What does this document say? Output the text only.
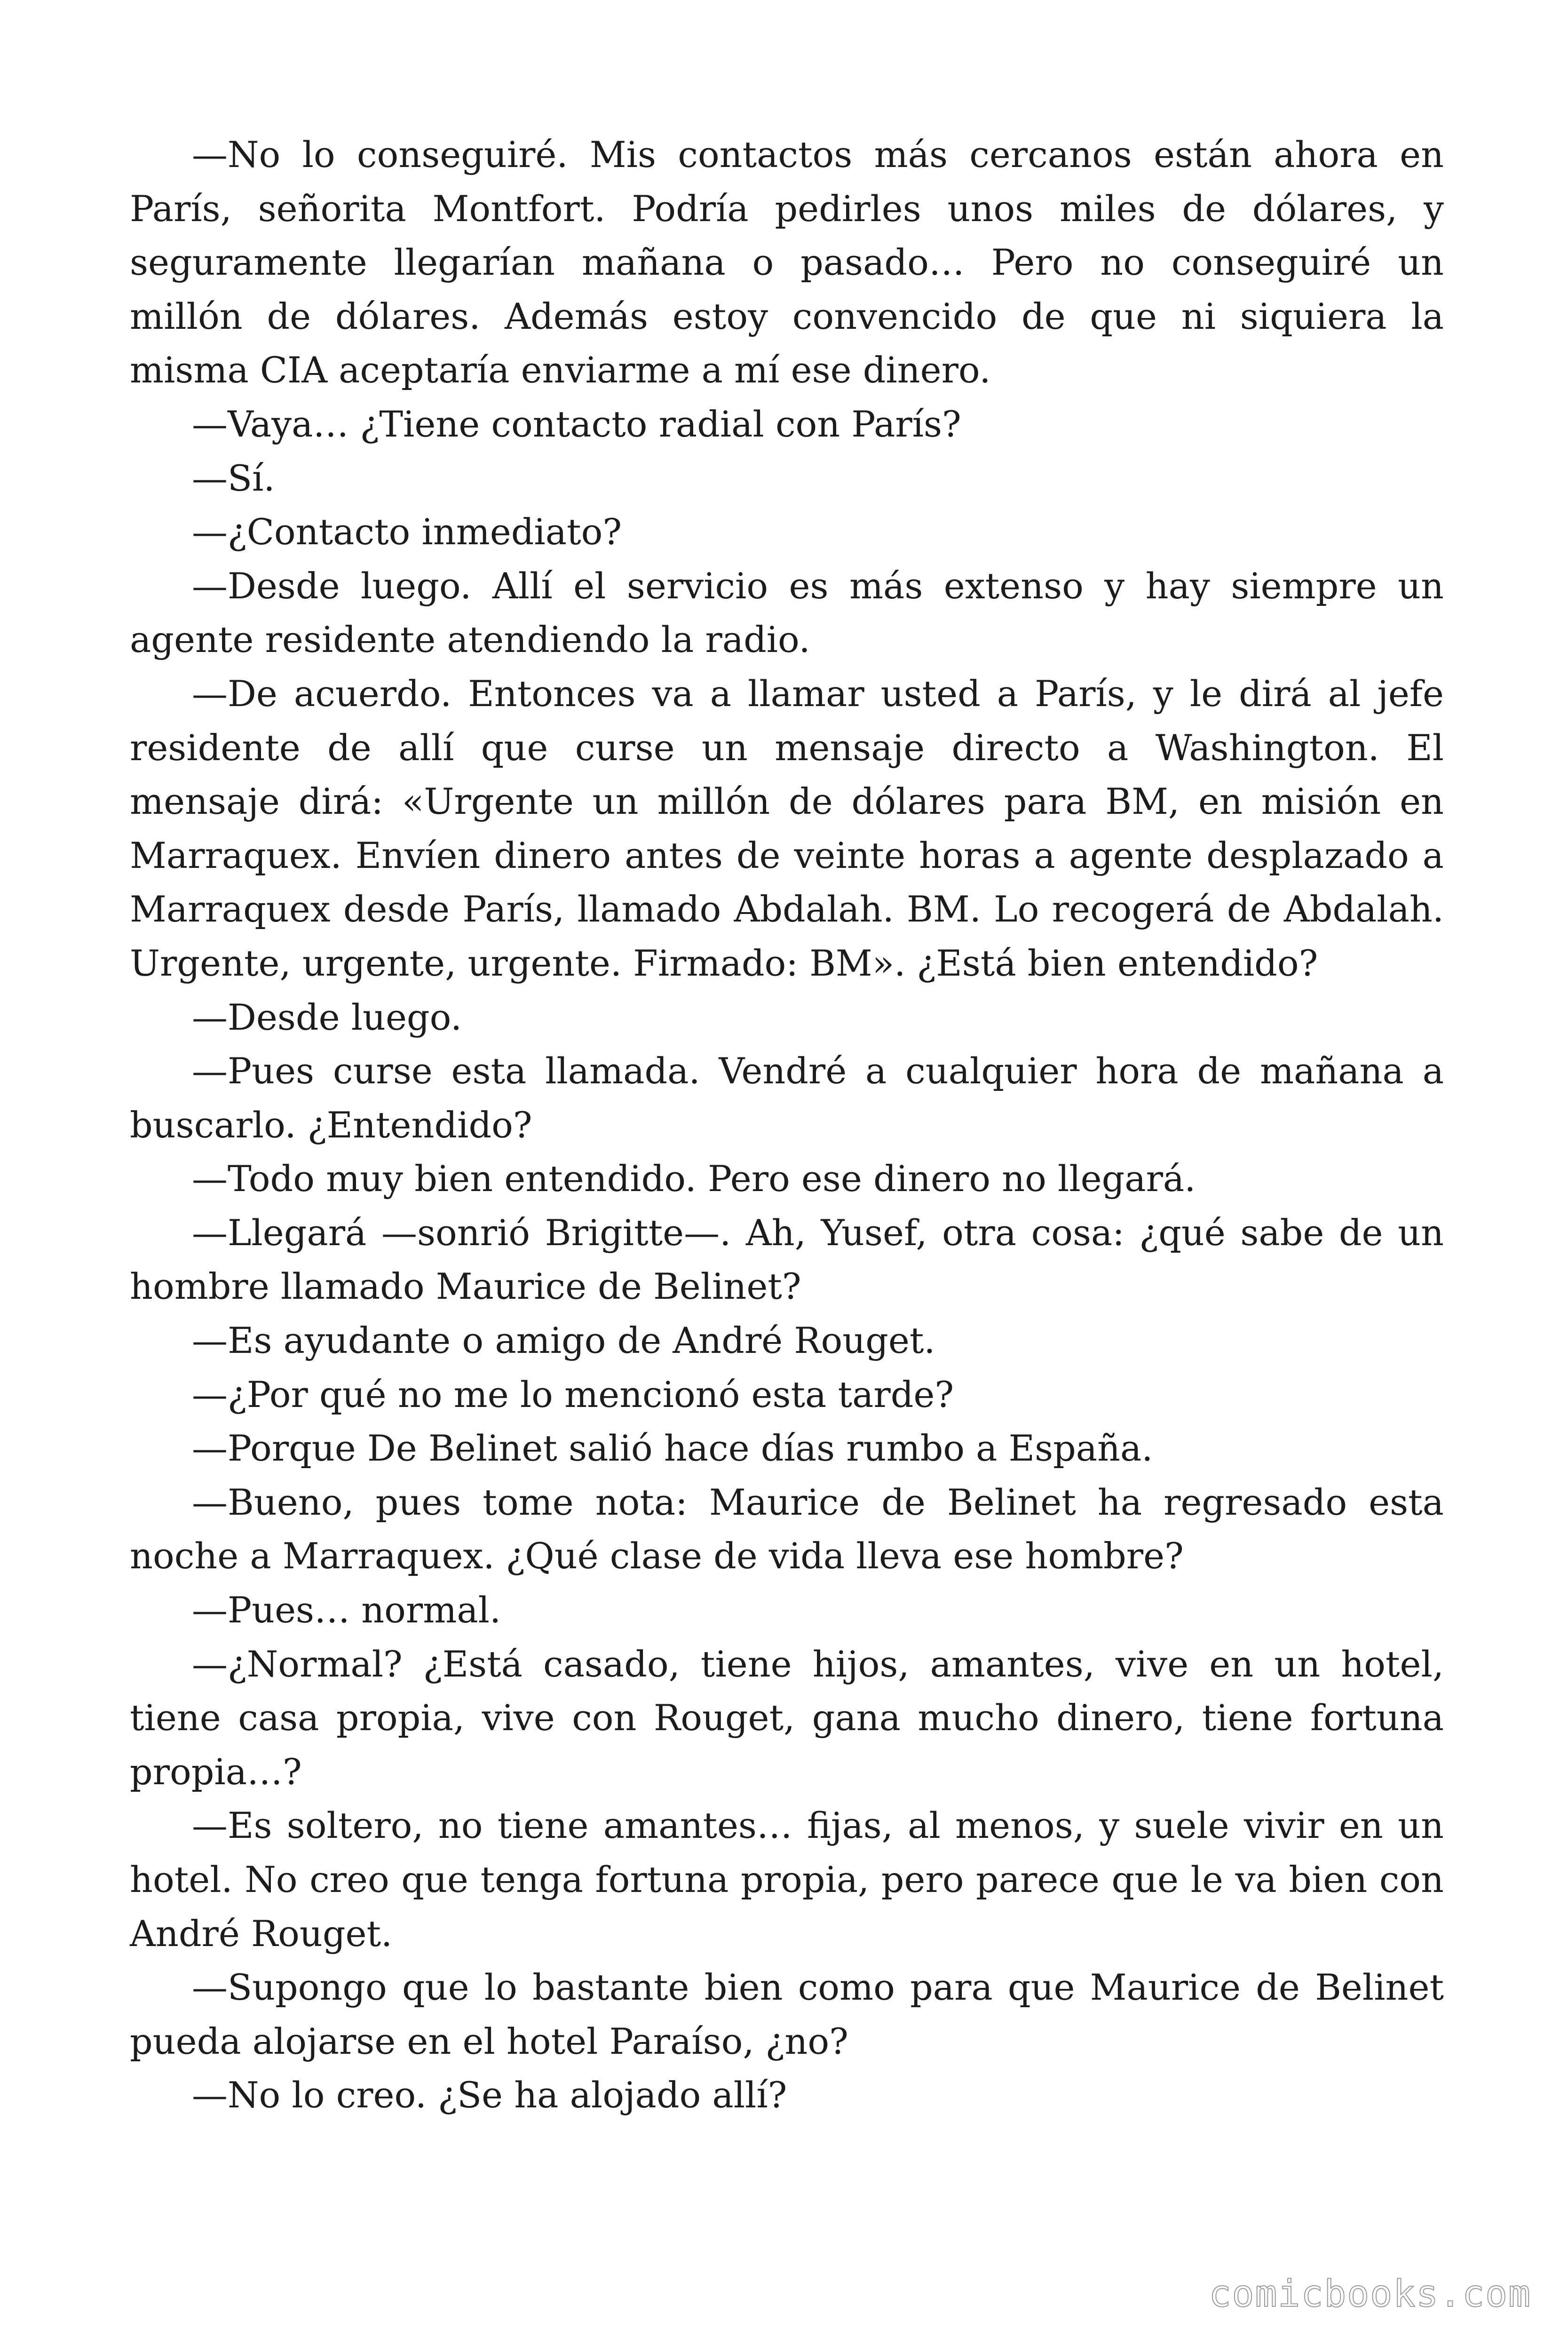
—No lo conseguiré. Mis contactos más cercanos están ahora en París, señorita Montfort. Podría pedirles unos miles de dólares, y seguramente llegarían mañana o pasado… Pero no conseguiré un millón de dólares. Además estoy convencido de que ni siquiera la misma CIA aceptaría enviarme a mí ese dinero.

—Vaya… ¿Tiene contacto radial con París?

—Sí.

—¿Contacto inmediato?

—Desde luego. Allí el servicio es más extenso y hay siempre un agente residente atendiendo la radio.

—De acuerdo. Entonces va a llamar usted a París, y le dirá al jefe residente de allí que curse un mensaje directo a Washington. El mensaje dirá: «Urgente un millón de dólares para BM, en misión en Marraquex. Envíen dinero antes de veinte horas a agente desplazado a Marraquex desde París, llamado Abdalah. BM. Lo recogerá de Abdalah. Urgente, urgente, urgente. Firmado: BM». ¿Está bien entendido?

—Desde luego.

—Pues curse esta llamada. Vendré a cualquier hora de mañana a buscarlo. ¿Entendido?

—Todo muy bien entendido. Pero ese dinero no llegará.

—Llegará —sonrió Brigitte—. Ah, Yusef, otra cosa: ¿qué sabe de un hombre llamado Maurice de Belinet?

—Es ayudante o amigo de André Rouget.

—¿Por qué no me lo mencionó esta tarde?

—Porque De Belinet salió hace días rumbo a España.

—Bueno, pues tome nota: Maurice de Belinet ha regresado esta noche a Marraquex. ¿Qué clase de vida lleva ese hombre?

—Pues… normal.

—¿Normal? ¿Está casado, tiene hijos, amantes, vive en un hotel, tiene casa propia, vive con Rouget, gana mucho dinero, tiene fortuna propia…?

—Es soltero, no tiene amantes… fijas, al menos, y suele vivir en un hotel. No creo que tenga fortuna propia, pero parece que le va bien con André Rouget.

—Supongo que lo bastante bien como para que Maurice de Belinet pueda alojarse en el hotel Paraíso, ¿no?

—No lo creo. ¿Se ha alojado allí?

comicbooks.com
